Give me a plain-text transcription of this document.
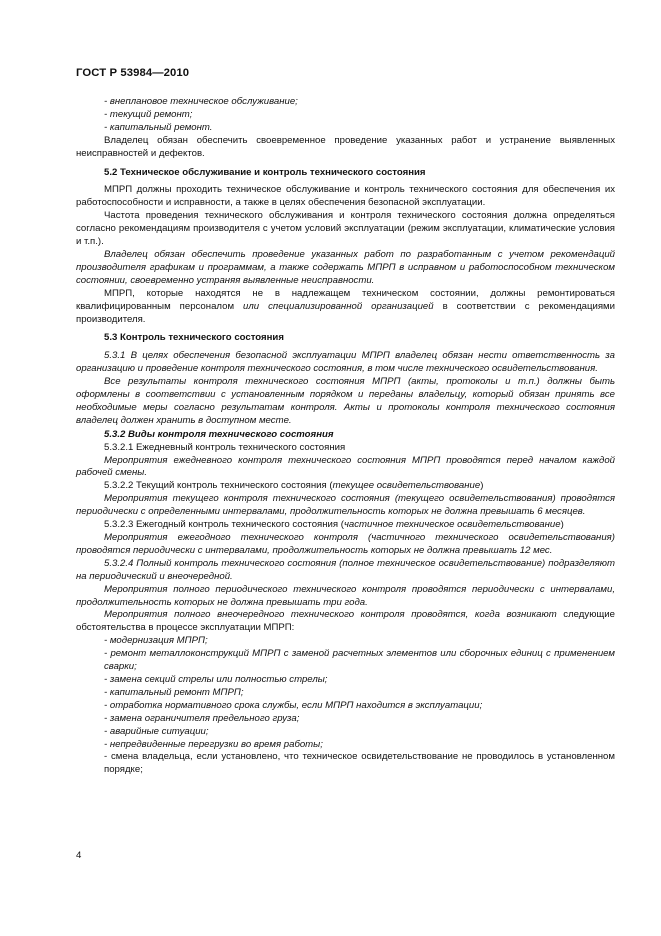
ГОСТ Р 53984—2010

- внеплановое техническое обслуживание;

- текущий ремонт;

- капитальный ремонт.

Владелец обязан обеспечить своевременное проведение указанных работ и устранение выявленных неисправностей и дефектов.

5.2 Техническое обслуживание и контроль технического состояния

МПРП должны проходить техническое обслуживание и контроль технического состояния для обеспечения их работоспособности и исправности, а также в целях обеспечения безопасной эксплуатации.

Частота проведения технического обслуживания и контроля технического состояния должна определяться согласно рекомендациям производителя с учетом условий эксплуатации (режим эксплуатации, климатические условия и т.п.).

Владелец обязан обеспечить проведение указанных работ по разработанным с учетом рекомендаций производителя графикам и программам, а также содержать МПРП в исправном и работоспособном техническом состоянии, своевременно устраняя выявленные неисправности.

МПРП, которые находятся не в надлежащем техническом состоянии, должны ремонтироваться квалифицированным персоналом или специализированной организацией в соответствии с рекомендациями производителя.

5.3 Контроль технического состояния

5.3.1 В целях обеспечения безопасной эксплуатации МПРП владелец обязан нести ответственность за организацию и проведение контроля технического состояния, в том числе технического освидетельствования.

Все результаты контроля технического состояния МПРП (акты, протоколы и т.п.) должны быть оформлены в соответствии с установленным порядком и переданы владельцу, который обязан принять все необходимые меры согласно результатам контроля. Акты и протоколы контроля технического состояния владелец должен хранить в доступном месте.

5.3.2 Виды контроля технического состояния

5.3.2.1 Ежедневный контроль технического состояния

Мероприятия ежедневного контроля технического состояния МПРП проводятся перед началом каждой рабочей смены.

5.3.2.2 Текущий контроль технического состояния (текущее освидетельствование)

Мероприятия текущего контроля технического состояния (текущего освидетельствования) проводятся периодически с определенными интервалами, продолжительность которых не должна превышать 6 месяцев.

5.3.2.3 Ежегодный контроль технического состояния (частичное техническое освидетельствование)

Мероприятия ежегодного технического контроля (частичного технического освидетельствования) проводятся периодически с интервалами, продолжительность которых не должна превышать 12 мес.

5.3.2.4 Полный контроль технического состояния (полное техническое освидетельствование) подразделяют на периодический и внеочередной.

Мероприятия полного периодического технического контроля проводятся периодически с интервалами, продолжительность которых не должна превышать три года.

Мероприятия полного внеочередного технического контроля проводятся, когда возникают следующие обстоятельства в процессе эксплуатации МПРП:

- модернизация МПРП;

- ремонт металлоконструкций МПРП с заменой расчетных элементов или сборочных единиц с применением сварки;

- замена секций стрелы или полностью стрелы;

- капитальный ремонт МПРП;

- отработка нормативного срока службы, если МПРП находится в эксплуатации;

- замена ограничителя предельного груза;

- аварийные ситуации;

- непредвиденные перегрузки во время работы;

- смена владельца, если установлено, что техническое освидетельствование не проводилось в установленном порядке;

4
